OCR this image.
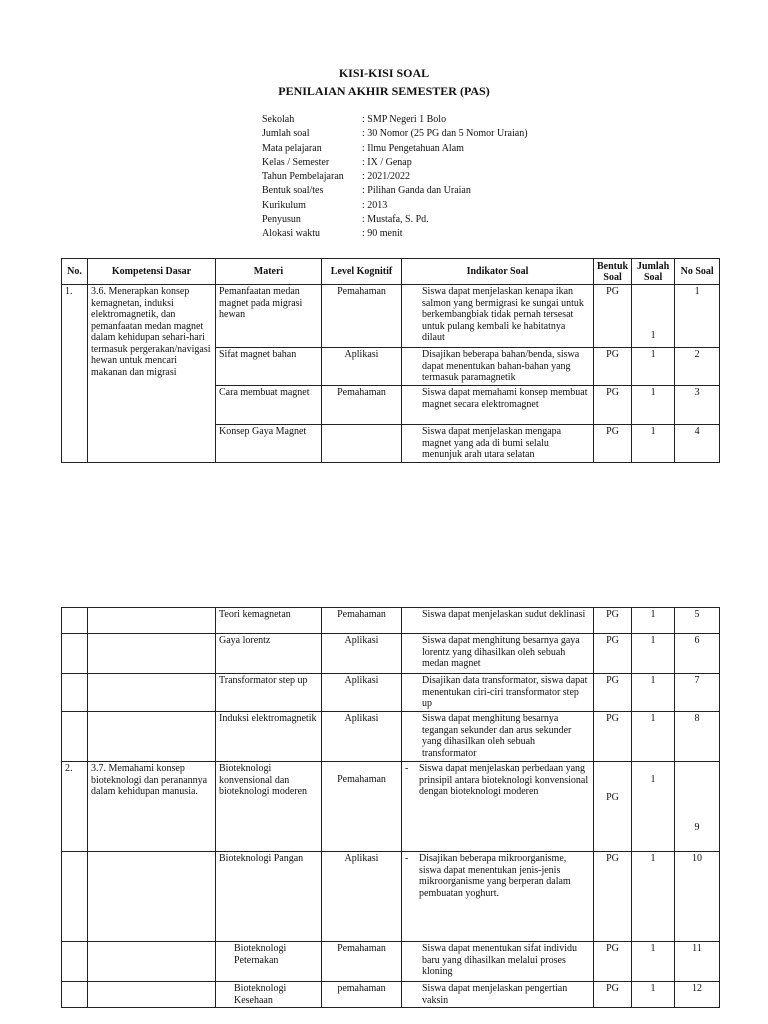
KISI-KISI SOAL
PENILAIAN AKHIR SEMESTER (PAS)
Sekolah	: SMP Negeri 1 Bolo
Jumlah soal	: 30 Nomor (25 PG dan 5 Nomor Uraian)
Mata pelajaran	: Ilmu Pengetahuan Alam
Kelas / Semester	: IX / Genap
Tahun Pembelajaran	: 2021/2022
Bentuk soal/tes	: Pilihan Ganda dan Uraian
Kurikulum	: 2013
Penyusun	: Mustafa, S. Pd.
Alokasi waktu	: 90 menit
No.	Kompetensi Dasar	Materi	Level Kognitif	Indikator Soal	Bentuk Soal	Jumlah Soal	No Soal
1.	3.6. Menerapkan konsep kemagnetan, induksi elektromagnetik, dan pemanfaatan medan magnet dalam kehidupan sehari-hari termasuk pergerakan/navigasi hewan untuk mencari makanan dan migrasi	Pemanfaatan medan magnet pada migrasi hewan	Pemahaman	Siswa dapat menjelaskan kenapa ikan salmon yang bermigrasi ke sungai untuk berkembangbiak tidak pernah tersesat untuk pulang kembali ke habitatnya dilaut	PG	1	1
		Sifat magnet bahan	Aplikasi	Disajikan beberapa bahan/benda, siswa dapat menentukan bahan-bahan yang termasuk paramagnetik	PG	1	2
		Cara membuat magnet	Pemahaman	Siswa dapat memahami konsep membuat magnet secara elektromagnet	PG	1	3
		Konsep Gaya Magnet		Siswa dapat menjelaskan mengapa magnet yang ada di bumi selalu menunjuk arah utara selatan	PG	1	4
		Teori kemagnetan	Pemahaman	Siswa dapat menjelaskan sudut deklinasi	PG	1	5
		Gaya lorentz	Aplikasi	Siswa dapat menghitung besarnya gaya lorentz yang dihasilkan oleh sebuah medan magnet	PG	1	6
		Transformator step up	Aplikasi	Disajikan data transformator, siswa dapat menentukan ciri-ciri transformator step up	PG	1	7
		Induksi elektromagnetik	Aplikasi	Siswa dapat menghitung besarnya tegangan sekunder dan arus sekunder yang dihasilkan oleh sebuah transformator	PG	1	8
2.	3.7. Memahami konsep bioteknologi dan peranannya dalam kehidupan manusia.	Bioteknologi konvensional dan bioteknologi moderen	Pemahaman	- Siswa dapat menjelaskan perbedaan yang prinsipil antara bioteknologi konvensional dengan bioteknologi moderen	PG	1	9
		Bioteknologi Pangan	Aplikasi	- Disajikan beberapa mikroorganisme, siswa dapat menentukan jenis-jenis mikroorganisme yang berperan dalam pembuatan yoghurt.	PG	1	10
		Bioteknologi Peternakan	Pemahaman	Siswa dapat menentukan sifat individu baru yang dihasilkan melalui proses kloning	PG	1	11
		Bioteknologi Kesehaan	pemahaman	Siswa dapat menjelaskan pengertian vaksin	PG	1	12
